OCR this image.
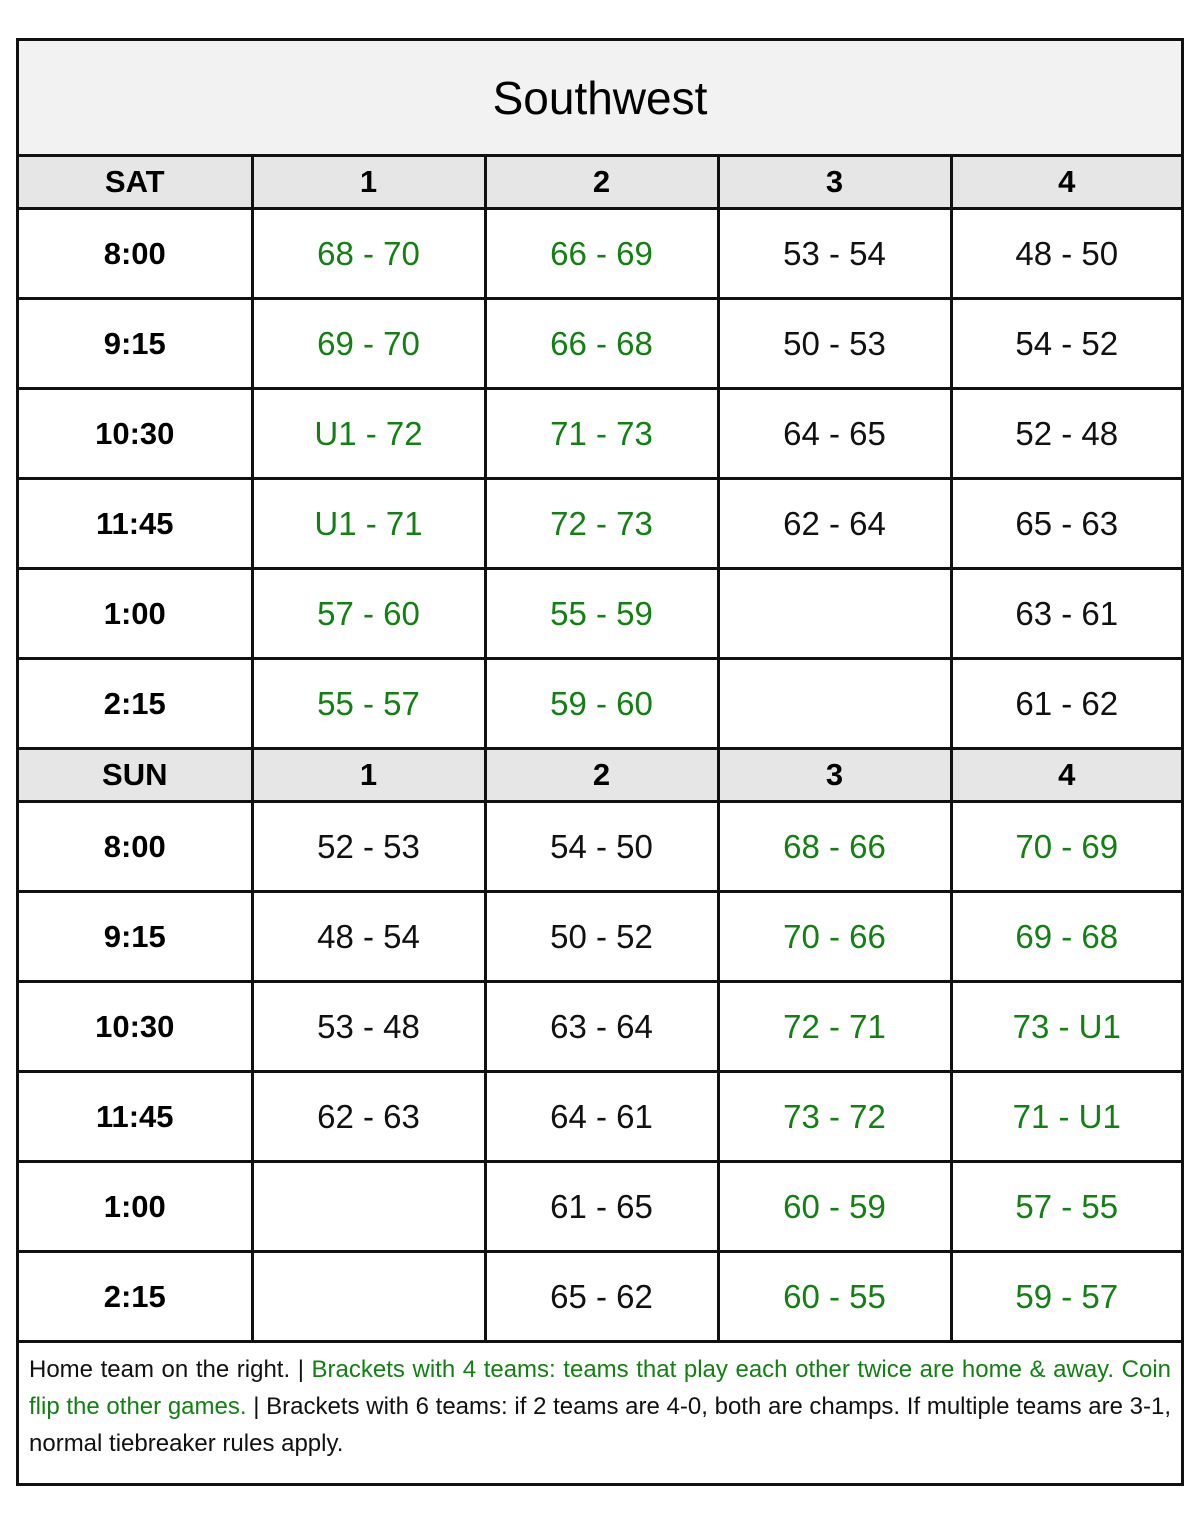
Southwest
SAT	1	2	3	4
8:00	68 - 70	66 - 69	53 - 54	48 - 50
9:15	69 - 70	66 - 68	50 - 53	54 - 52
10:30	U1 - 72	71 - 73	64 - 65	52 - 48
11:45	U1 - 71	72 - 73	62 - 64	65 - 63
1:00	57 - 60	55 - 59		63 - 61
2:15	55 - 57	59 - 60		61 - 62
SUN	1	2	3	4
8:00	52 - 53	54 - 50	68 - 66	70 - 69
9:15	48 - 54	50 - 52	70 - 66	69 - 68
10:30	53 - 48	63 - 64	72 - 71	73 - U1
11:45	62 - 63	64 - 61	73 - 72	71 - U1
1:00		61 - 65	60 - 59	57 - 55
2:15		65 - 62	60 - 55	59 - 57
Home team on the right. | Brackets with 4 teams: teams that play each other twice are home & away. Coin flip the other games. | Brackets with 6 teams: if 2 teams are 4-0, both are champs. If multiple teams are 3-1, normal tiebreaker rules apply.
